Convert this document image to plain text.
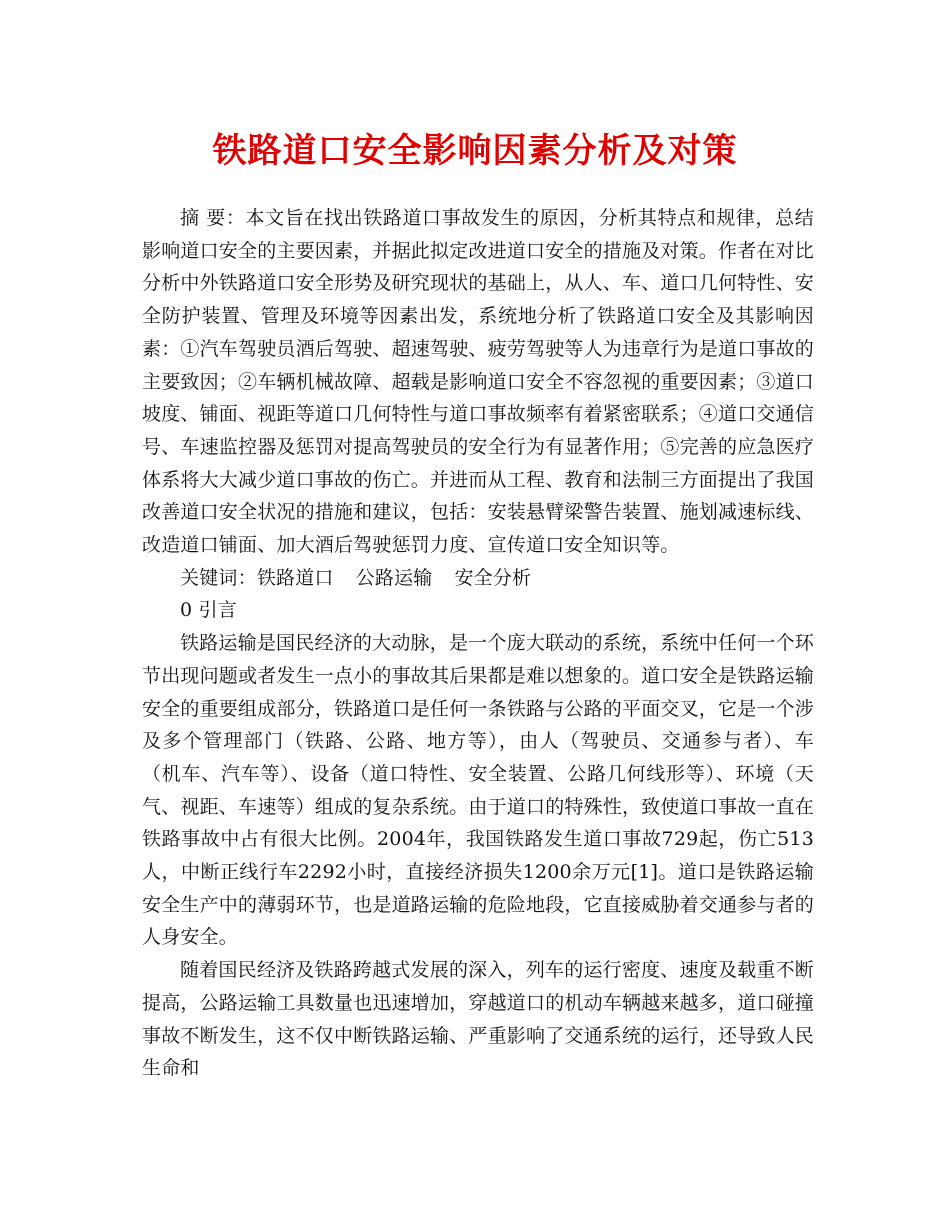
铁路道口安全影响因素分析及对策

摘 要：本文旨在找出铁路道口事故发生的原因，分析其特点和规律，总结影响道口安全的主要因素，并据此拟定改进道口安全的措施及对策。作者在对比分析中外铁路道口安全形势及研究现状的基础上，从人、车、道口几何特性、安全防护装置、管理及环境等因素出发，系统地分析了铁路道口安全及其影响因素：①汽车驾驶员酒后驾驶、超速驾驶、疲劳驾驶等人为违章行为是道口事故的主要致因；②车辆机械故障、超载是影响道口安全不容忽视的重要因素；③道口坡度、铺面、视距等道口几何特性与道口事故频率有着紧密联系；④道口交通信号、车速监控器及惩罚对提高驾驶员的安全行为有显著作用；⑤完善的应急医疗体系将大大减少道口事故的伤亡。并进而从工程、教育和法制三方面提出了我国改善道口安全状况的措施和建议，包括：安装悬臂梁警告装置、施划减速标线、改造道口铺面、加大酒后驾驶惩罚力度、宣传道口安全知识等。

关键词：铁路道口 公路运输 安全分析

0 引言

铁路运输是国民经济的大动脉，是一个庞大联动的系统，系统中任何一个环节出现问题或者发生一点小的事故其后果都是难以想象的。道口安全是铁路运输安全的重要组成部分，铁路道口是任何一条铁路与公路的平面交叉，它是一个涉及多个管理部门（铁路、公路、地方等），由人（驾驶员、交通参与者）、车（机车、汽车等）、设备（道口特性、安全装置、公路几何线形等）、环境（天气、视距、车速等）组成的复杂系统。由于道口的特殊性，致使道口事故一直在铁路事故中占有很大比例。2004年，我国铁路发生道口事故729起，伤亡513人，中断正线行车2292小时，直接经济损失1200余万元[1]。道口是铁路运输安全生产中的薄弱环节，也是道路运输的危险地段，它直接威胁着交通参与者的人身安全。

随着国民经济及铁路跨越式发展的深入，列车的运行密度、速度及载重不断提高，公路运输工具数量也迅速增加，穿越道口的机动车辆越来越多，道口碰撞事故不断发生，这不仅中断铁路运输、严重影响了交通系统的运行，还导致人民生命和
